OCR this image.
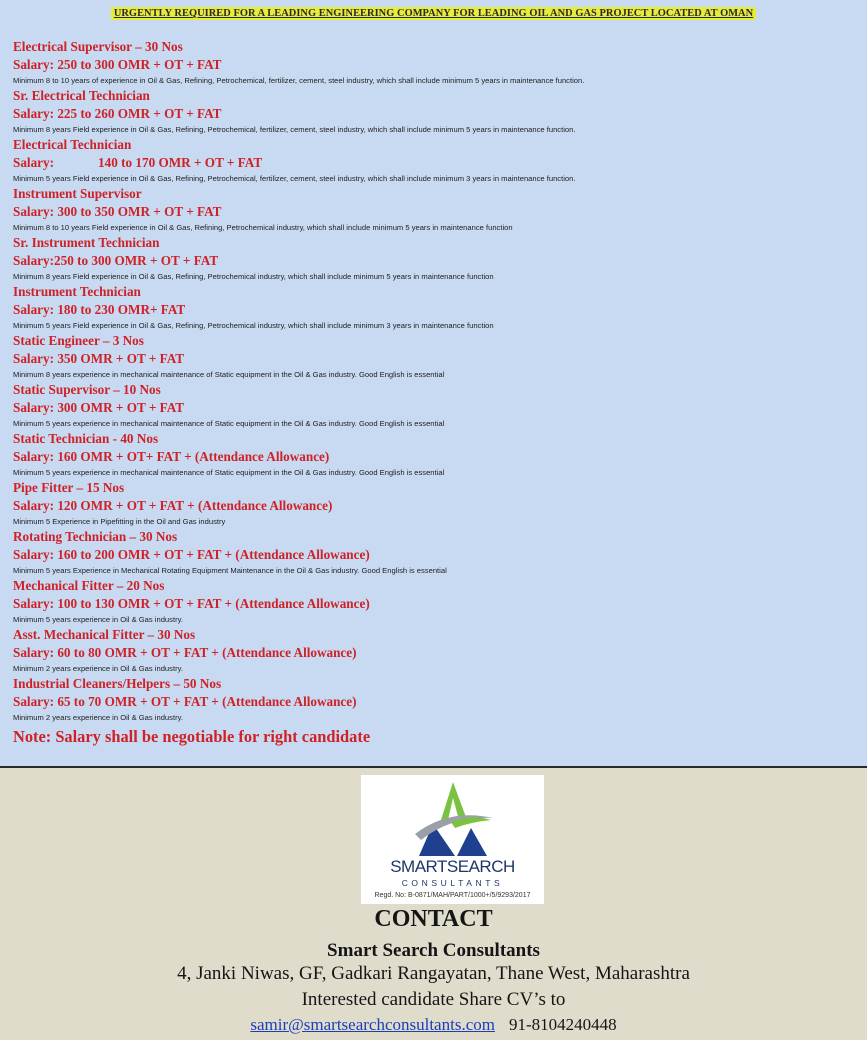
URGENTLY REQUIRED FOR A LEADING ENGINEERING COMPANY FOR LEADING OIL AND GAS PROJECT LOCATED AT OMAN
Electrical Supervisor – 30 Nos
Salary: 250 to 300 OMR + OT + FAT
Minimum 8 to 10 years of experience in Oil & Gas, Refining, Petrochemical, fertilizer, cement, steel industry, which shall include minimum 5 years in maintenance function.
Sr. Electrical Technician
Salary: 225 to 260 OMR + OT + FAT
Minimum 8 years Field experience in Oil & Gas, Refining, Petrochemical, fertilizer, cement, steel industry, which shall include minimum 5 years in maintenance function.
Electrical Technician
Salary:	140 to 170 OMR + OT + FAT
Minimum 5 years Field experience in Oil & Gas, Refining, Petrochemical, fertilizer, cement, steel industry, which shall include minimum 3 years in maintenance function.
Instrument Supervisor
Salary: 300 to 350 OMR + OT + FAT
Minimum 8 to 10 years Field experience in Oil & Gas, Refining, Petrochemical industry, which shall include minimum 5 years in maintenance function
Sr. Instrument Technician
Salary:250 to 300 OMR + OT + FAT
Minimum 8 years Field experience in Oil & Gas, Refining, Petrochemical industry, which shall include minimum 5 years in maintenance function
Instrument Technician
Salary: 180 to 230 OMR+ FAT
Minimum 5 years Field experience in Oil & Gas, Refining, Petrochemical industry, which shall include minimum 3 years in maintenance function
Static Engineer – 3 Nos
Salary: 350 OMR + OT + FAT
Minimum 8 years experience in mechanical maintenance of Static equipment in the Oil & Gas industry. Good English is essential
Static Supervisor – 10 Nos
Salary: 300 OMR + OT + FAT
Minimum 5 years experience in mechanical maintenance of Static equipment in the Oil & Gas industry. Good English is essential
Static Technician - 40 Nos
Salary: 160 OMR + OT+ FAT + (Attendance Allowance)
Minimum 5 years experience in mechanical maintenance of Static equipment in the Oil & Gas industry. Good English is essential
Pipe Fitter – 15 Nos
Salary: 120 OMR + OT + FAT + (Attendance Allowance)
Minimum 5 Experience in Pipefitting in the Oil and Gas industry
Rotating Technician – 30 Nos
Salary: 160 to 200 OMR + OT + FAT + (Attendance Allowance)
Minimum 5 years Experience in Mechanical Rotating Equipment Maintenance in the Oil & Gas industry. Good English is essential
Mechanical Fitter – 20 Nos
Salary: 100 to 130 OMR + OT + FAT + (Attendance Allowance)
Minimum 5 years experience in Oil & Gas industry.
Asst. Mechanical Fitter – 30 Nos
Salary: 60 to 80 OMR + OT + FAT + (Attendance Allowance)
Minimum 2 years experience in Oil & Gas industry.
Industrial Cleaners/Helpers – 50 Nos
Salary: 65 to 70 OMR + OT + FAT + (Attendance Allowance)
Minimum 2 years experience in Oil & Gas industry.
Note: Salary shall be negotiable for right candidate
SMARTSEARCH
CONSULTANTS
Regd. No: B-0871/MAH/PART/1000+/5/9293/2017
CONTACT
Smart Search Consultants
4, Janki Niwas, GF, Gadkari Rangayatan, Thane West, Maharashtra
Interested candidate Share CV’s to
samir@smartsearchconsultants.com 91-8104240448
